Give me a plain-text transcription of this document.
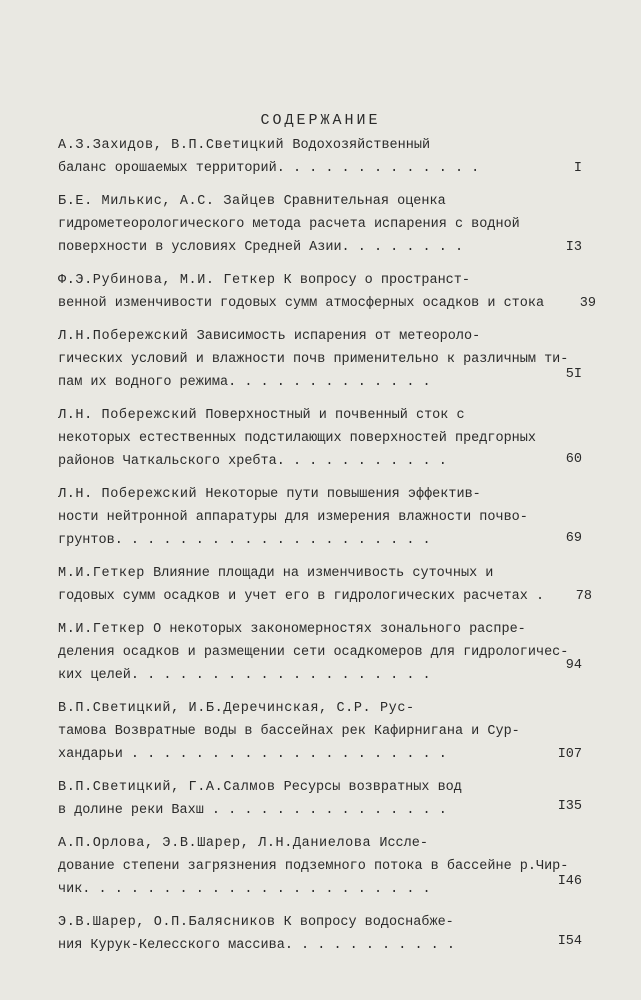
СОДЕРЖАНИЕ
А.З.Захидов, В.П.Светицкий Водохозяйственный
баланс орошаемых территорий. . . . . . . . . . . . .	I
Б.Е. Милькис, А.С. Зайцев Сравнительная оценка
гидрометеорологического метода расчета испарения с водной
поверхности в условиях Средней Азии. . . . . . . .	I3
Ф.Э.Рубинова, М.И. Геткер К вопросу о пространст-
венной изменчивости годовых сумм атмосферных осадков и стока	39
Л.Н.Побережский Зависимость испарения от метеороло-
гических условий и влажности почв применительно к различным ти-
пам их водного режима. . . . . . . . . . . . .
5I
Л.Н. Побережский Поверхностный и почвенный сток с
некоторых естественных подстилающих поверхностей предгорных
районов Чаткальского хребта. . . . . . . . . . .	60
Л.Н. Побережский Некоторые пути повышения эффектив-
ности нейтронной аппаратуры для измерения влажности почво-
грунтов. . . . . . . . . . . . . . . . . . . .	69
М.И.Геткер Влияние площади на изменчивость суточных и
годовых сумм осадков и учет его в гидрологических расчетах .	78
М.И.Геткер О некоторых закономерностях зонального распре-
деления осадков и размещении сети осадкомеров для гидрологичес-
ких целей. . . . . . . . . . . . . . . . . . .
94
В.П.Светицкий, И.Б.Деречинская, С.Р. Рус-
тамова Возвратные воды в бассейнах рек Кафирнигана и Сур-
хандарьи . . . . . . . . . . . . . . . . . . . .	I07
В.П.Светицкий, Г.А.Салмов Ресурсы возвратных вод
в долине реки Вахш . . . . . . . . . . . . . . .	I35
А.П.Орлова, Э.В.Шарер, Л.Н.Даниелова Иссле-
дование степени загрязнения подземного потока в бассейне р.Чир-
чик. . . . . . . . . . . . . . . . . . . . . .
I46
Э.В.Шарер, О.П.Балясников К вопросу водоснабже-
ния Курук-Келесского массива. . . . . . . . . . .	I54
